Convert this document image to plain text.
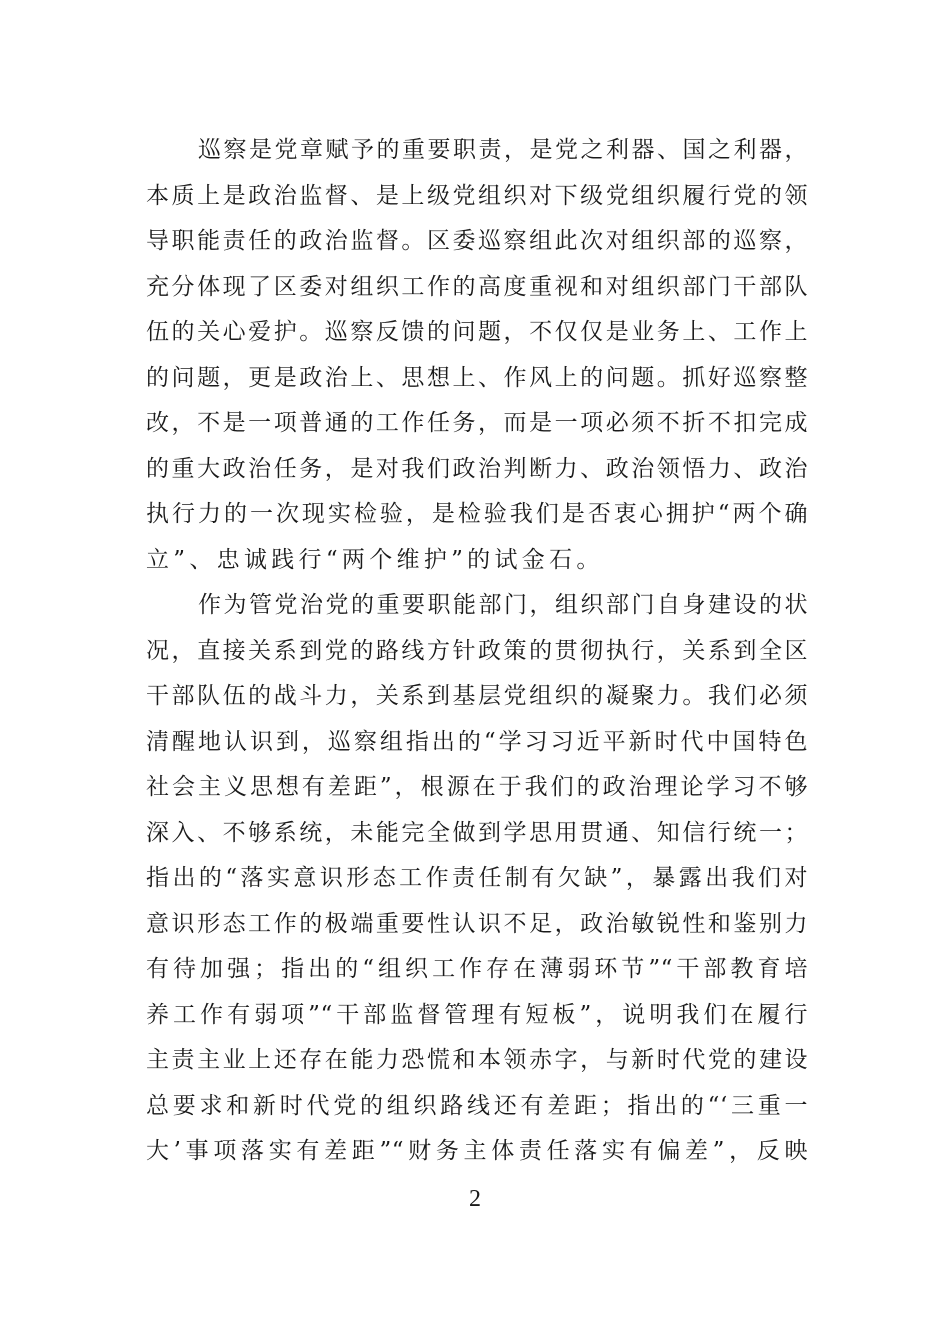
巡察是党章赋予的重要职责，是党之利器、国之利器，
本质上是政治监督、是上级党组织对下级党组织履行党的领
导职能责任的政治监督。区委巡察组此次对组织部的巡察，
充分体现了区委对组织工作的高度重视和对组织部门干部队
伍的关心爱护。巡察反馈的问题，不仅仅是业务上、工作上
的问题，更是政治上、思想上、作风上的问题。抓好巡察整
改，不是一项普通的工作任务，而是一项必须不折不扣完成
的重大政治任务，是对我们政治判断力、政治领悟力、政治
执行力的一次现实检验，是检验我们是否衷心拥护“两个确
立”、忠诚践行“两个维护”的试金石。
作为管党治党的重要职能部门，组织部门自身建设的状
况，直接关系到党的路线方针政策的贯彻执行，关系到全区
干部队伍的战斗力，关系到基层党组织的凝聚力。我们必须
清醒地认识到，巡察组指出的“学习习近平新时代中国特色
社会主义思想有差距”，根源在于我们的政治理论学习不够
深入、不够系统，未能完全做到学思用贯通、知信行统一；
指出的“落实意识形态工作责任制有欠缺”，暴露出我们对
意识形态工作的极端重要性认识不足，政治敏锐性和鉴别力
有待加强；指出的“组织工作存在薄弱环节”“干部教育培
养工作有弱项”“干部监督管理有短板”，说明我们在履行
主责主业上还存在能力恐慌和本领赤字，与新时代党的建设
总要求和新时代党的组织路线还有差距；指出的“‘三重一
大’事项落实有差距”“财务主体责任落实有偏差”，反映
2
